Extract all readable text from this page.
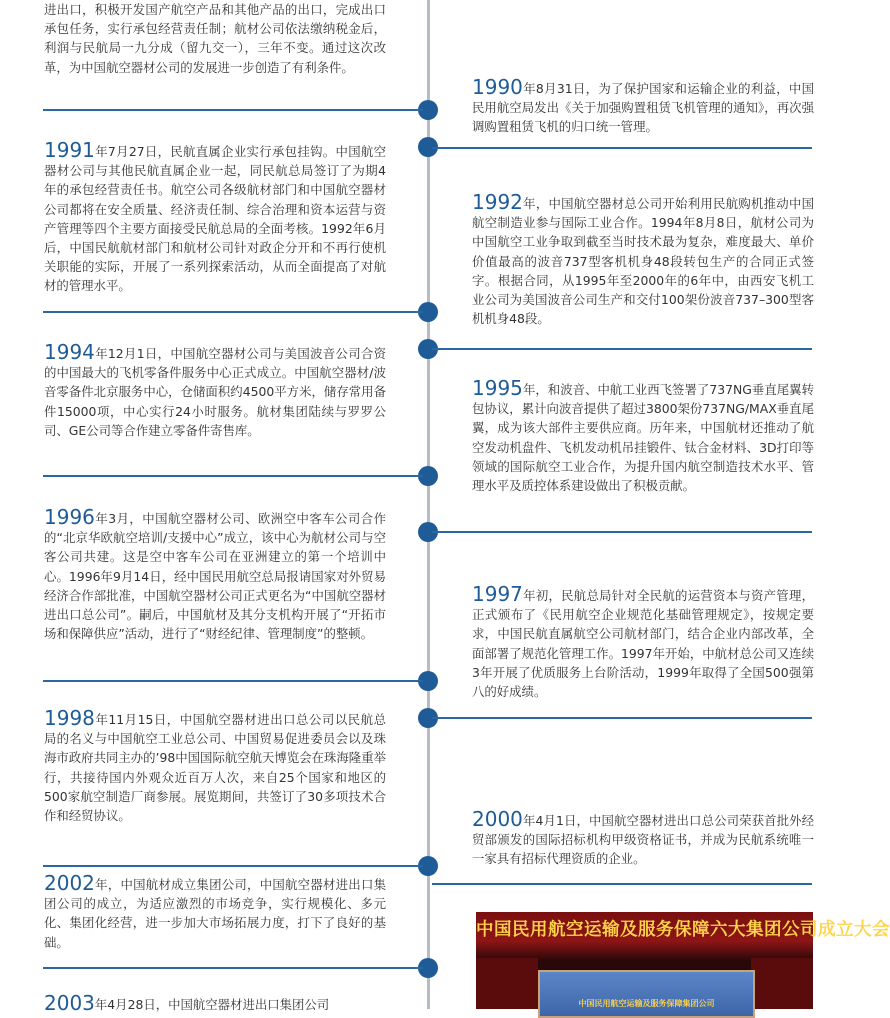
进出口，积极开发国产航空产品和其他产品的出口，完成出口承包任务，实行承包经营责任制；航材公司依法缴纳税金后，利润与民航局一九分成（留九交一），三年不变。通过这次改革，为中国航空器材公司的发展进一步创造了有利条件。

1990年8月31日，为了保护国家和运输企业的利益，中国民用航空局发出《关于加强购置租赁飞机管理的通知》，再次强调购置租赁飞机的归口统一管理。

1991年7月27日，民航直属企业实行承包挂钩。中国航空器材公司与其他民航直属企业一起，同民航总局签订了为期4年的承包经营责任书。航空公司各级航材部门和中国航空器材公司都将在安全质量、经济责任制、综合治理和资本运营与资产管理等四个主要方面接受民航总局的全面考核。1992年6月后，中国民航航材部门和航材公司针对政企分开和不再行使机关职能的实际，开展了一系列探索活动，从而全面提高了对航材的管理水平。

1992年，中国航空器材总公司开始利用民航购机推动中国航空制造业参与国际工业合作。1994年8月8日，航材公司为中国航空工业争取到截至当时技术最为复杂，难度最大、单价价值最高的波音737型客机机身48段转包生产的合同正式签字。根据合同，从1995年至2000年的6年中，由西安飞机工业公司为美国波音公司生产和交付100架份波音737–300型客机机身48段。

1994年12月1日，中国航空器材公司与美国波音公司合资的中国最大的飞机零备件服务中心正式成立。中国航空器材/波音零备件北京服务中心，仓储面积约4500平方米，储存常用备件15000项，中心实行24小时服务。航材集团陆续与罗罗公司、GE公司等合作建立零备件寄售库。

1995年，和波音、中航工业西飞签署了737NG垂直尾翼转包协议，累计向波音提供了超过3800架份737NG/MAX垂直尾翼，成为该大部件主要供应商。历年来，中国航材还推动了航空发动机盘件、飞机发动机吊挂锻件、钛合金材料、3D打印等领域的国际航空工业合作，为提升国内航空制造技术水平、管理水平及质控体系建设做出了积极贡献。

1996年3月，中国航空器材公司、欧洲空中客车公司合作的“北京华欧航空培训/支援中心”成立，该中心为航材公司与空客公司共建。这是空中客车公司在亚洲建立的第一个培训中心。1996年9月14日，经中国民用航空总局报请国家对外贸易经济合作部批准，中国航空器材公司正式更名为“中国航空器材进出口总公司”。嗣后，中国航材及其分支机构开展了“开拓市场和保障供应”活动，进行了“财经纪律、管理制度”的整顿。

1997年初，民航总局针对全民航的运营资本与资产管理，正式颁布了《民用航空企业规范化基础管理规定》，按规定要求，中国民航直属航空公司航材部门，结合企业内部改革，全面部署了规范化管理工作。1997年开始，中航材总公司又连续3年开展了优质服务上台阶活动，1999年取得了全国500强第八的好成绩。

1998年11月15日，中国航空器材进出口总公司以民航总局的名义与中国航空工业总公司、中国贸易促进委员会以及珠海市政府共同主办的’98中国国际航空航天博览会在珠海隆重举行，共接待国内外观众近百万人次，来自25个国家和地区的500家航空制造厂商参展。展览期间，共签订了30多项技术合作和经贸协议。	2000年4月1日，中国航空器材进出口总公司荣获首批外经贸部颁发的国际招标机构甲级资格证书，并成为民航系统唯一一家具有招标代理资质的企业。

2002年，中国航材成立集团公司，中国航空器材进出口集团公司的成立，为适应激烈的市场竞争，实行规模化、多元化、集团化经营，进一步加大市场拓展力度，打下了良好的基础。

2003年4月28日，中国航空器材进出口集团公司

中国民用航空运输及服务保障六大集团公司成立大会
中国民用航空运输及服务保障集团公司
